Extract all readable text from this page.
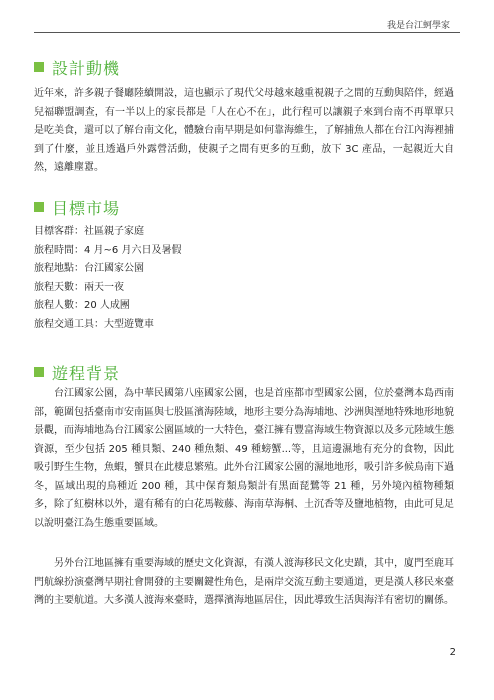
我是台江蚵學家
設計動機

近年來，許多親子餐廳陸續開設，這也顯示了現代父母越來越重視親子之間的互動與陪伴，經過兒福聯盟調查，有一半以上的家長都是「人在心不在」，此行程可以讓親子來到台南不再單單只是吃美食，還可以了解台南文化，體驗台南早期是如何靠海維生，了解捕魚人都在台江內海裡捕到了什麼，並且透過戶外露營活動，使親子之間有更多的互動，放下 3C 產品，一起親近大自然，遠離塵囂。

目標市場
目標客群：社區親子家庭
旅程時間：4 月~6 月六日及暑假
旅程地點：台江國家公園
旅程天數：兩天一夜
旅程人數：20 人成團
旅程交通工具：大型遊覽車
遊程背景

台江國家公園，為中華民國第八座國家公園，也是首座都市型國家公園，位於臺灣本島西南部，範圍包括臺南市安南區與七股區濱海陸域，地形主要分為海埔地、沙洲與溼地特殊地形地貌景觀，而海埔地為台江國家公園區域的一大特色，臺江擁有豐富海域生物資源以及多元陸域生態資源，至少包括 205 種貝類、240 種魚類、49 種螃蟹...等，且這邊濕地有充分的食物，因此吸引野生生物，魚蝦，蟹貝在此棲息繁殖。此外台江國家公園的濕地地形，吸引許多候鳥南下過冬，區域出現的鳥種近 200 種，其中保育類鳥類計有黑面琵鷺等 21 種，另外境內植物種類多，除了紅樹林以外，還有稀有的白花馬鞍藤、海南草海桐、土沉香等及鹽地植物，由此可見足以說明臺江為生態重要區域。

另外台江地區擁有重要海域的歷史文化資源，有漢人渡海移民文化史蹟，其中，廈門至鹿耳門航線扮演臺灣早期社會開發的主要關鍵性角色，是兩岸交流互動主要通道，更是漢人移民來臺灣的主要航道。大多漢人渡海來臺時，選擇濱海地區居住，因此導致生活與海洋有密切的關係。

2
